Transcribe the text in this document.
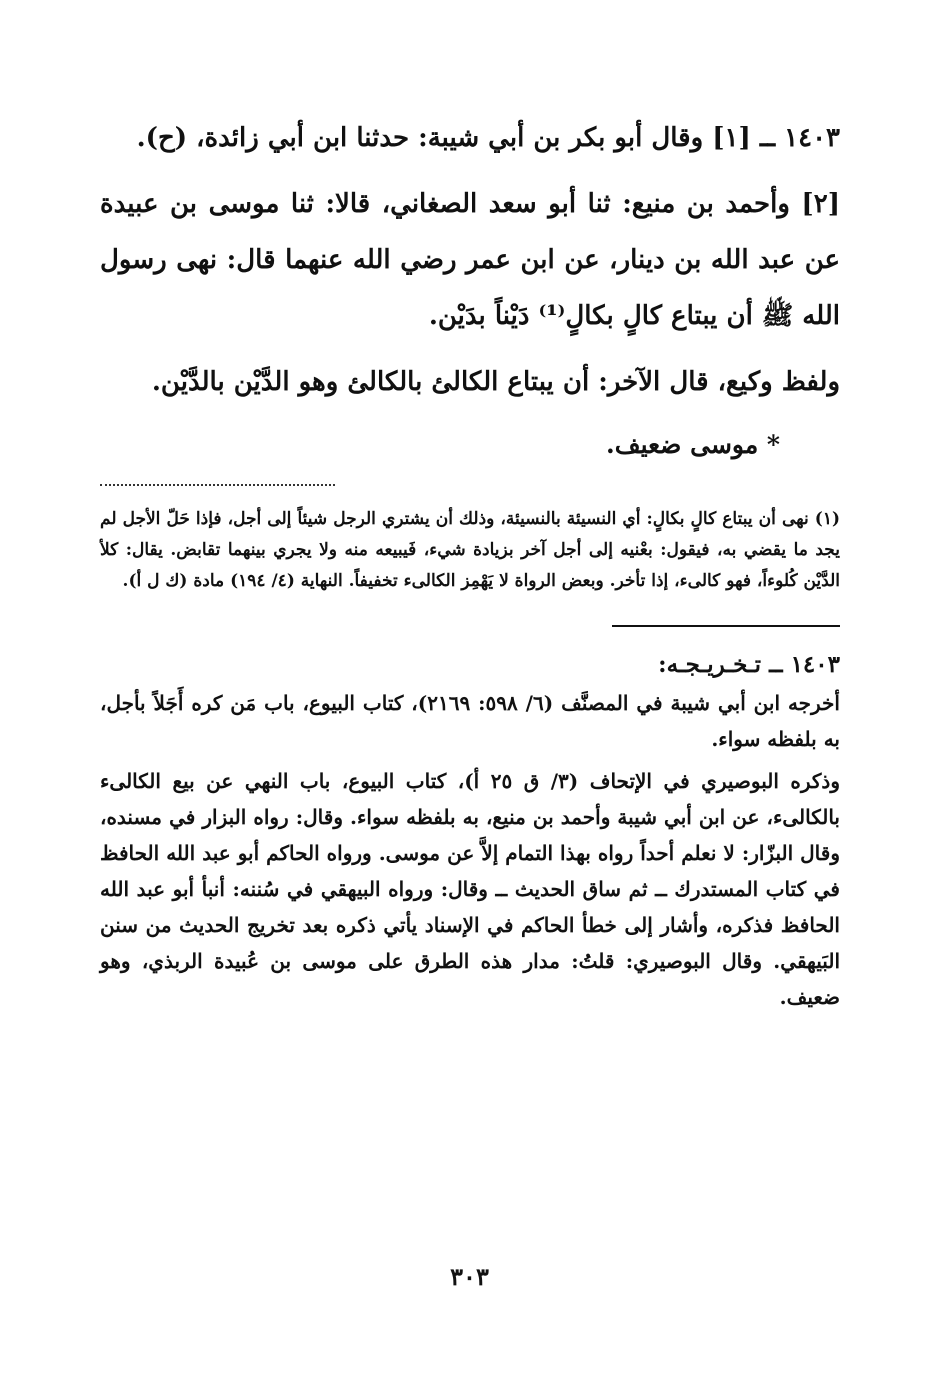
١٤٠٣ ــ [١] وقال أبو بكر بن أبي شيبة: حدثنا ابن أبي زائدة، (ح).

[٢] وأحمد بن منيع: ثنا أبو سعد الصغاني، قالا: ثنا موسى بن عبيدة عن عبد الله بن دينار، عن ابن عمر رضي الله عنهما قال: نهى رسول الله ﷺ أن يبتاع كالٍ بكالٍ⁽¹⁾ دَيْناً بدَيْن.

ولفظ وكيع، قال الآخر: أن يبتاع الكالئ بالكالئ وهو الدَّيْن بالدَّيْن.

* موسى ضعيف.

(١) نهى أن يبتاع كالٍ بكالٍ: أي النسيئة بالنسيئة، وذلك أن يشتري الرجل شيئاً إلى أجل، فإذا حَلّ الأجل لم يجد ما يقضي به، فيقول: بعْنيه إلى أجل آخر بزيادة شيء، فَيبيعه منه ولا يجري بينهما تقابض. يقال: كلأ الدَّيْن كُلوءاً، فهو كالىء، إذا تأخر. وبعض الرواة لا يَهْمِز الكالىء تخفيفاً. النهاية (٤/ ١٩٤) مادة (ك ل أ).

١٤٠٣ ــ تـخـريـجـه:

أخرجه ابن أبي شيبة في المصنَّف (٦/ ٥٩٨: ٢١٦٩)، كتاب البيوع، باب مَن كره أَجَلاً بأجل، به بلفظه سواء.

وذكره البوصيري في الإتحاف (٣/ ق ٢٥ أ)، كتاب البيوع، باب النهي عن بيع الكالىء بالكالىء، عن ابن أبي شيبة وأحمد بن منيع، به بلفظه سواء. وقال: رواه البزار في مسنده، وقال البزّار: لا نعلم أحداً رواه بهذا التمام إلاَّ عن موسى. ورواه الحاكم أبو عبد الله الحافظ في كتاب المستدرك ــ ثم ساق الحديث ــ وقال: ورواه البيهقي في سُننه: أنبأ أبو عبد الله الحافظ فذكره، وأشار إلى خطأ الحاكم في الإسناد يأتي ذكره بعد تخريج الحديث من سنن البَيهقي. وقال البوصيري: قلتُ: مدار هذه الطرق على موسى بن عُبيدة الربذي، وهو ضعيف.

٣٠٣
